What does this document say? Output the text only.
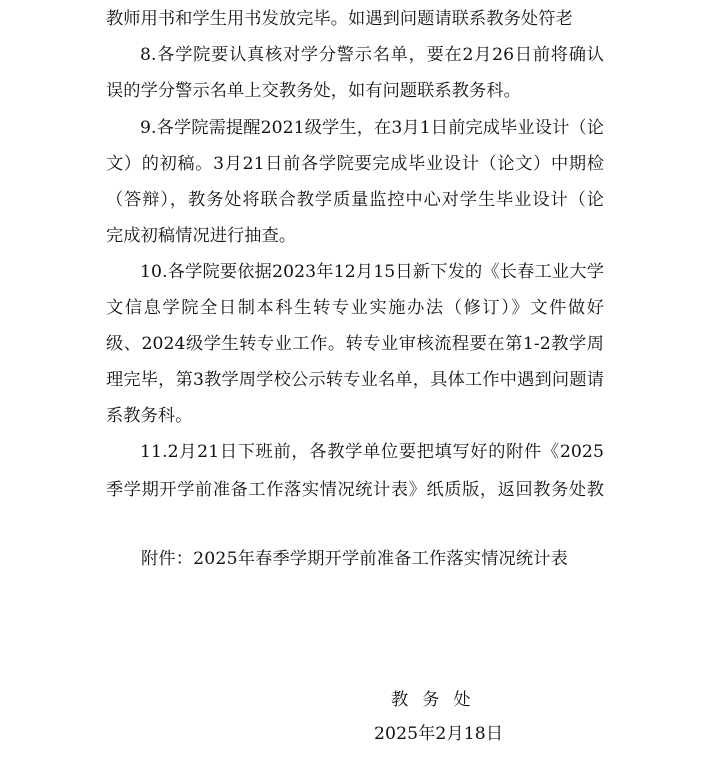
教师用书和学生用书发放完毕。如遇到问题请联系教务处符老
8.各学院要认真核对学分警示名单，要在2月26日前将确认
误的学分警示名单上交教务处，如有问题联系教务科。
9.各学院需提醒2021级学生，在3月1日前完成毕业设计（论
文）的初稿。3月21日前各学院要完成毕业设计（论文）中期检
（答辩），教务处将联合教学质量监控中心对学生毕业设计（论
完成初稿情况进行抽查。
10.各学院要依据2023年12月15日新下发的《长春工业大学
文信息学院全日制本科生转专业实施办法（修订）》文件做好
级、2024级学生转专业工作。转专业审核流程要在第1-2教学周
理完毕，第3教学周学校公示转专业名单，具体工作中遇到问题请
系教务科。
11.2月21日下班前，各教学单位要把填写好的附件《2025
季学期开学前准备工作落实情况统计表》纸质版，返回教务处教
附件：2025年春季学期开学前准备工作落实情况统计表
教务处
2025年2月18日
